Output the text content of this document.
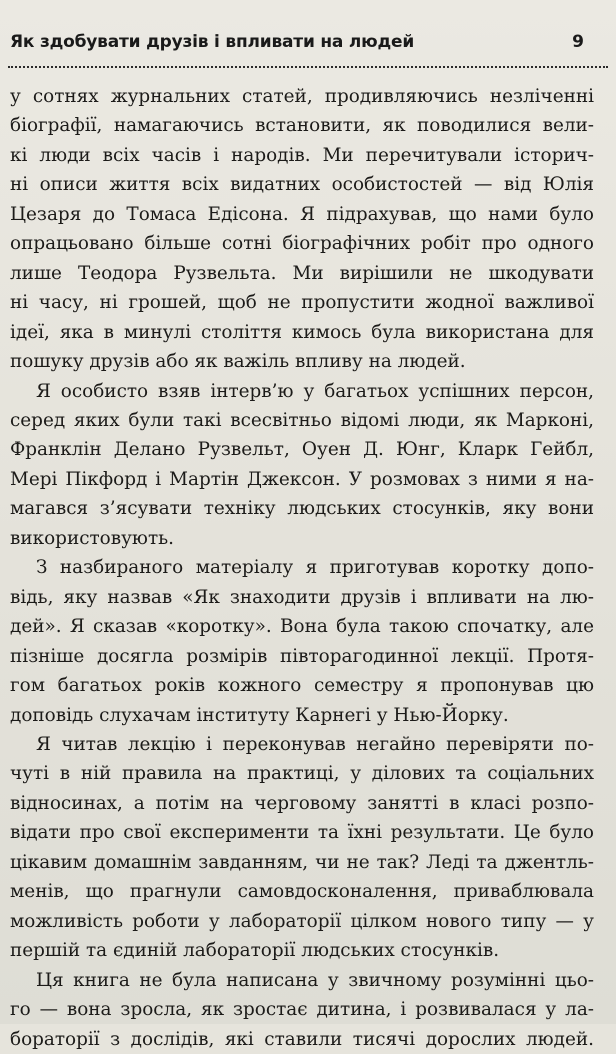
Як здобувати друзів і впливати на людей	9
у сотнях журнальних статей, продивляючись незліченні
біографії, намагаючись встановити, як поводилися вели-
кі люди всіх часів і народів. Ми перечитували історич-
ні описи життя всіх видатних особистостей — від Юлія
Цезаря до Томаса Едісона. Я підрахував, що нами було
опрацьовано більше сотні біографічних робіт про одного
лише Теодора Рузвельта. Ми вирішили не шкодувати
ні часу, ні грошей, щоб не пропустити жодної важливої
ідеї, яка в минулі століття кимось була використана для
пошуку друзів або як важіль впливу на людей.
Я особисто взяв інтерв’ю у багатьох успішних персон,
серед яких були такі всесвітньо відомі люди, як Марконі,
Франклін Делано Рузвельт, Оуен Д. Юнг, Кларк Гейбл,
Мері Пікфорд і Мартін Джексон. У розмовах з ними я на-
магався з’ясувати техніку людських стосунків, яку вони
використовують.
З назбираного матеріалу я приготував коротку допо-
відь, яку назвав «Як знаходити друзів і впливати на лю-
дей». Я сказав «коротку». Вона була такою спочатку, але
пізніше досягла розмірів півторагодинної лекції. Протя-
гом багатьох років кожного семестру я пропонував цю
доповідь слухачам інституту Карнегі у Нью-Йорку.
Я читав лекцію і переконував негайно перевіряти по-
чуті в ній правила на практиці, у ділових та соціальних
відносинах, а потім на черговому занятті в класі розпо-
відати про свої експерименти та їхні результати. Це було
цікавим домашнім завданням, чи не так? Леді та джентль-
менів, що прагнули самовдосконалення, приваблювала
можливість роботи у лабораторії цілком нового типу — у
першій та єдиній лабораторії людських стосунків.
Ця книга не була написана у звичному розумінні цьо-
го — вона зросла, як зростає дитина, і розвивалася у ла-
бораторії з дослідів, які ставили тисячі дорослих людей.
